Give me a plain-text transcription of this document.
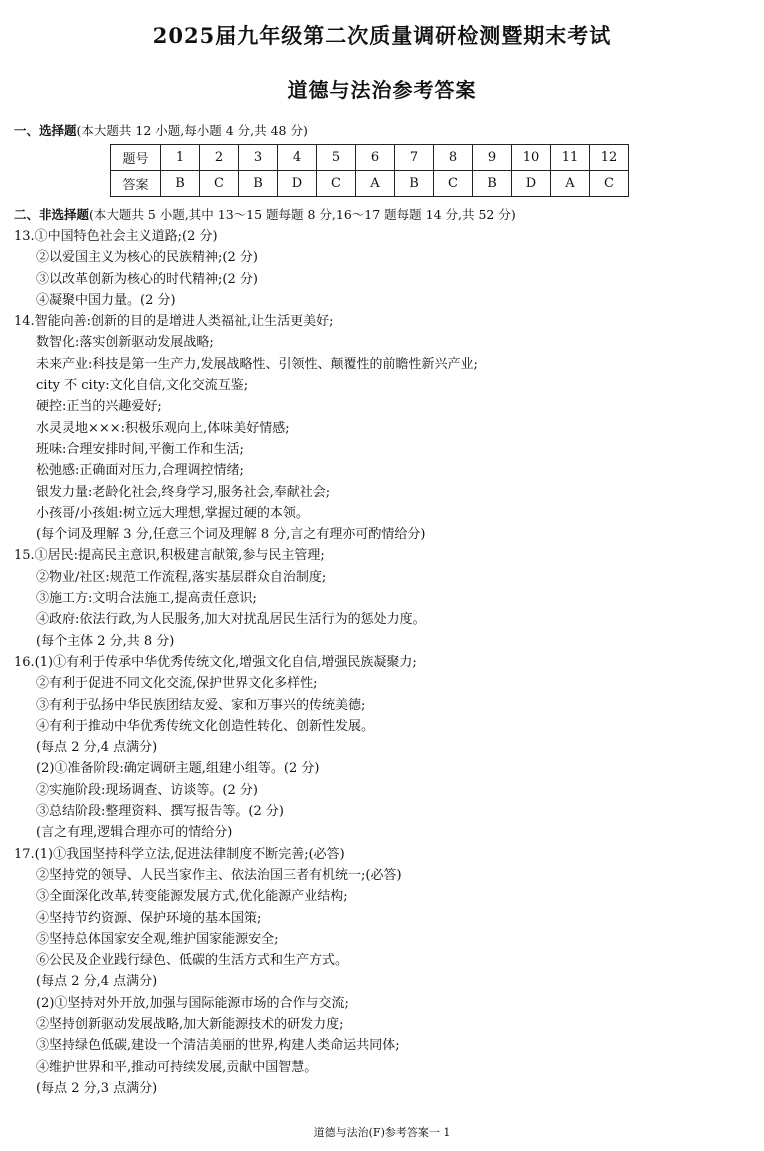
2025届九年级第二次质量调研检测暨期末考试
道德与法治参考答案
一、选择题(本大题共 12 小题,每小题 4 分,共 48 分)
题号	1	2	3	4	5	6	7	8	9	10	11	12
答案	B	C	B	D	C	A	B	C	B	D	A	C
二、非选择题(本大题共 5 小题,其中 13～15 题每题 8 分,16～17 题每题 14 分,共 52 分)
13.①中国特色社会主义道路;(2 分)
②以爱国主义为核心的民族精神;(2 分)
③以改革创新为核心的时代精神;(2 分)
④凝聚中国力量。(2 分)
14.智能向善:创新的目的是增进人类福祉,让生活更美好;
数智化:落实创新驱动发展战略;
未来产业:科技是第一生产力,发展战略性、引领性、颠覆性的前瞻性新兴产业;
city 不 city:文化自信,文化交流互鉴;
硬控:正当的兴趣爱好;
水灵灵地×××:积极乐观向上,体味美好情感;
班味:合理安排时间,平衡工作和生活;
松弛感:正确面对压力,合理调控情绪;
银发力量:老龄化社会,终身学习,服务社会,奉献社会;
小孩哥/小孩姐:树立远大理想,掌握过硬的本领。
(每个词及理解 3 分,任意三个词及理解 8 分,言之有理亦可酌情给分)
15.①居民:提高民主意识,积极建言献策,参与民主管理;
②物业/社区:规范工作流程,落实基层群众自治制度;
③施工方:文明合法施工,提高责任意识;
④政府:依法行政,为人民服务,加大对扰乱居民生活行为的惩处力度。
(每个主体 2 分,共 8 分)
16.(1)①有利于传承中华优秀传统文化,增强文化自信,增强民族凝聚力;
②有利于促进不同文化交流,保护世界文化多样性;
③有利于弘扬中华民族团结友爱、家和万事兴的传统美德;
④有利于推动中华优秀传统文化创造性转化、创新性发展。
(每点 2 分,4 点满分)
(2)①准备阶段:确定调研主题,组建小组等。(2 分)
②实施阶段:现场调查、访谈等。(2 分)
③总结阶段:整理资料、撰写报告等。(2 分)
(言之有理,逻辑合理亦可的情给分)
17.(1)①我国坚持科学立法,促进法律制度不断完善;(必答)
②坚持党的领导、人民当家作主、依法治国三者有机统一;(必答)
③全面深化改革,转变能源发展方式,优化能源产业结构;
④坚持节约资源、保护环境的基本国策;
⑤坚持总体国家安全观,维护国家能源安全;
⑥公民及企业践行绿色、低碳的生活方式和生产方式。
(每点 2 分,4 点满分)
(2)①坚持对外开放,加强与国际能源市场的合作与交流;
②坚持创新驱动发展战略,加大新能源技术的研发力度;
③坚持绿色低碳,建设一个清洁美丽的世界,构建人类命运共同体;
④维护世界和平,推动可持续发展,贡献中国智慧。
(每点 2 分,3 点满分)
道德与法治(F)参考答案一 1
